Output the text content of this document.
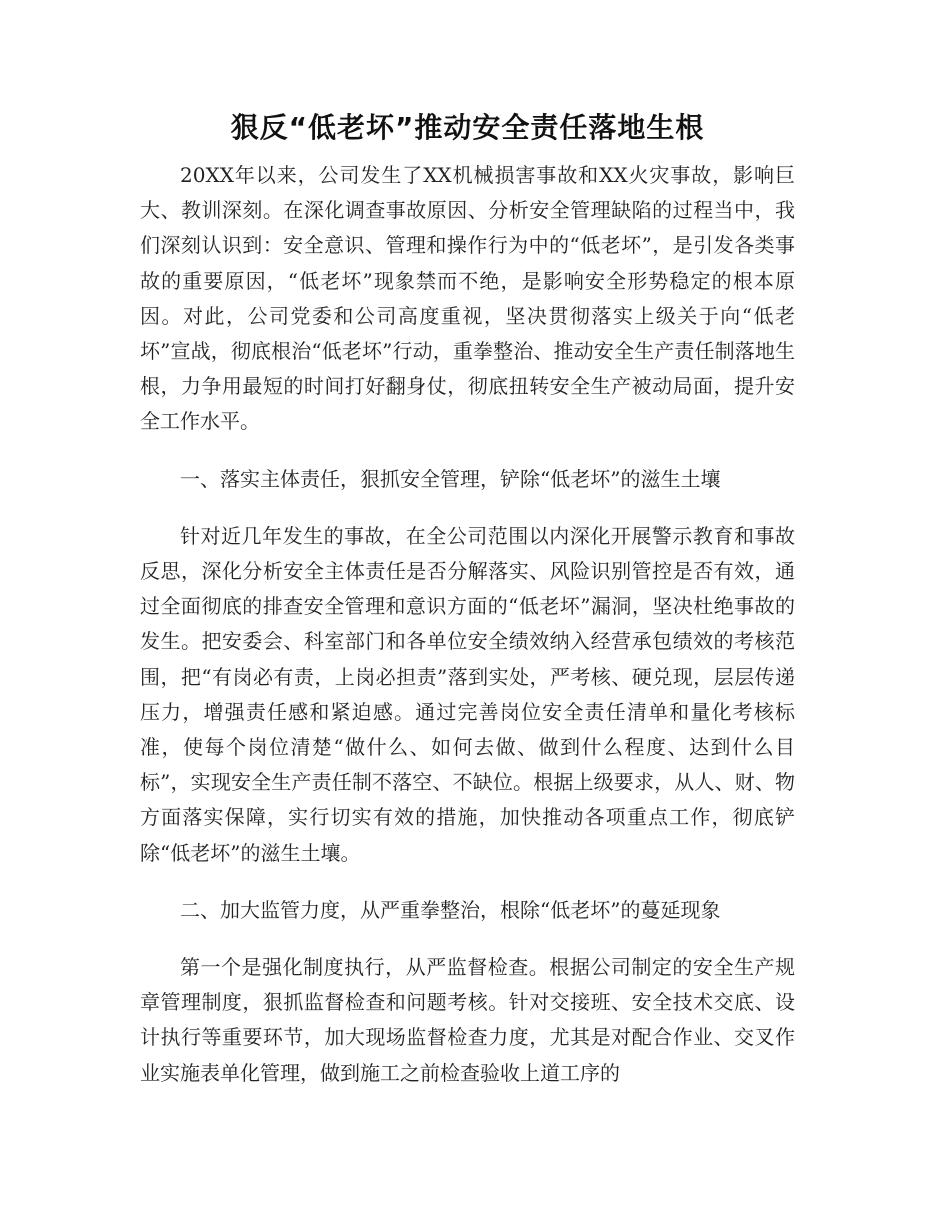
狠反“低老坏”推动安全责任落地生根

20XX年以来，公司发生了XX机械损害事故和XX火灾事故，影响巨大、教训深刻。在深化调查事故原因、分析安全管理缺陷的过程当中，我们深刻认识到：安全意识、管理和操作行为中的“低老坏”，是引发各类事故的重要原因，“低老坏”现象禁而不绝，是影响安全形势稳定的根本原因。对此，公司党委和公司高度重视，坚决贯彻落实上级关于向“低老坏”宣战，彻底根治“低老坏”行动，重拳整治、推动安全生产责任制落地生根，力争用最短的时间打好翻身仗，彻底扭转安全生产被动局面，提升安全工作水平。

一、落实主体责任，狠抓安全管理，铲除“低老坏”的滋生土壤

针对近几年发生的事故，在全公司范围以内深化开展警示教育和事故反思，深化分析安全主体责任是否分解落实、风险识别管控是否有效，通过全面彻底的排查安全管理和意识方面的“低老坏”漏洞，坚决杜绝事故的发生。把安委会、科室部门和各单位安全绩效纳入经营承包绩效的考核范围，把“有岗必有责，上岗必担责”落到实处，严考核、硬兑现，层层传递压力，增强责任感和紧迫感。通过完善岗位安全责任清单和量化考核标准，使每个岗位清楚“做什么、如何去做、做到什么程度、达到什么目标”，实现安全生产责任制不落空、不缺位。根据上级要求，从人、财、物方面落实保障，实行切实有效的措施，加快推动各项重点工作，彻底铲除“低老坏”的滋生土壤。

二、加大监管力度，从严重拳整治，根除“低老坏”的蔓延现象

第一个是强化制度执行，从严监督检查。根据公司制定的安全生产规章管理制度，狠抓监督检查和问题考核。针对交接班、安全技术交底、设计执行等重要环节，加大现场监督检查力度，尤其是对配合作业、交叉作业实施表单化管理，做到施工之前检查验收上道工序的
